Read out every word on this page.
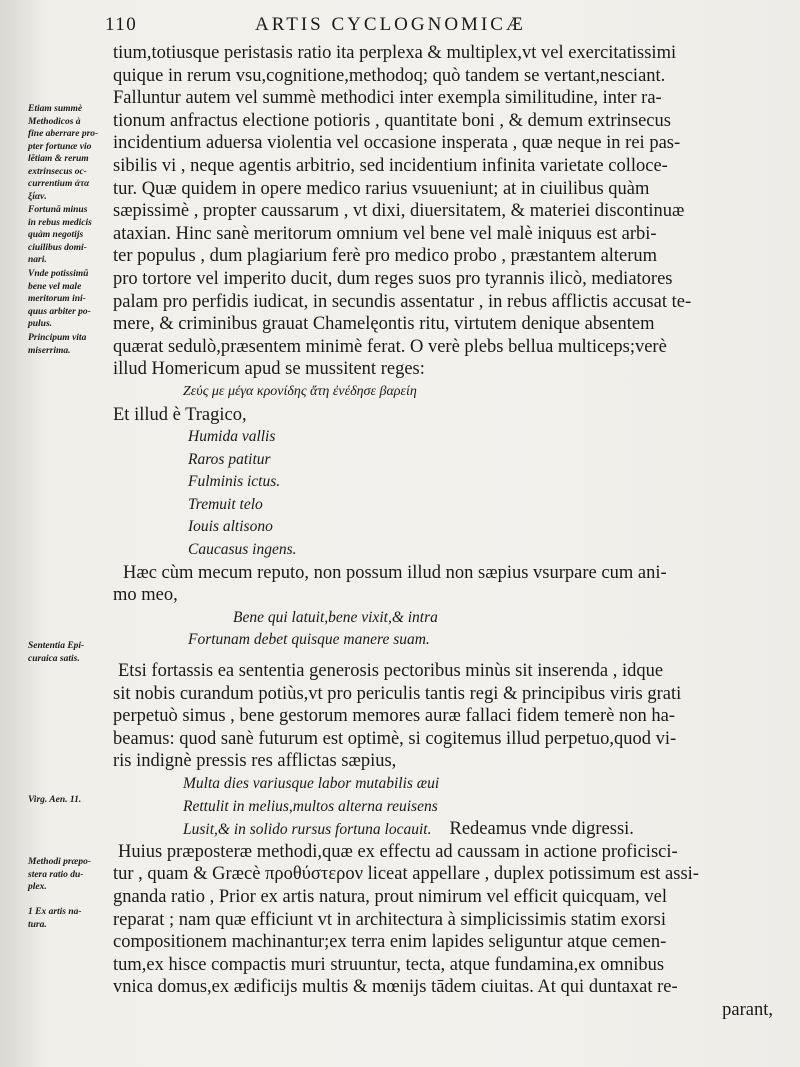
110	ARTIS CYCLOGNOMICÆ
Etiam summè
Methodicos à
fine aberrare pro-
pter fortunæ vio
lētiam & rerum
extrinsecus oc-
currentium ἀτα
ξίαν.
Fortunā minus
in rebus medicis
quàm negotijs
ciuilibus domi-
nari.
Vnde potissimū
bene vel male
meritorum ini-
quus arbiter po-
pulus.
Principum vita
miserrima.
Sententia Epi-
curaica satis.
Virg. Aen. 11.
Methodi præpo-
stera ratio du-
plex.
1 Ex artis na-
tura.
tium,totiusque peristasis ratio ita perplexa & multiplex,vt vel exercitatissimi
quique in rerum vsu,cognitione,methodoq; quò tandem se vertant,nesciant.
Falluntur autem vel summè methodici inter exempla similitudine, inter ra-
tionum anfractus electione potioris , quantitate boni , & demum extrinsecus
incidentium aduersa violentia vel occasione insperata , quæ neque in rei pas-
sibilis vi , neque agentis arbitrio, sed incidentium infinita varietate colloce-
tur. Quæ quidem in opere medico rarius vsuueniunt; at in ciuilibus quàm
sæpissimè , propter caussarum , vt dixi, diuersitatem, & materiei discontinuæ
ataxian. Hinc sanè meritorum omnium vel bene vel malè iniquus est arbi-
ter populus , dum plagiarium ferè pro medico probo , præstantem alterum
pro tortore vel imperito ducit, dum reges suos pro tyrannis ilicò, mediatores
palam pro perfidis iudicat, in secundis assentatur , in rebus afflictis accusat te-
mere, & criminibus grauat Chamelęontis ritu, virtutem denique absentem
quærat sedulò,præsentem minimè ferat. O verè plebs bellua multiceps;verè
illud Homericum apud se mussitent reges:
Ζεύς με μέγα κρονίδης ἄτη ἐνέδησε βαρείη
Et illud è Tragico,
Humida vallis
Raros patitur
Fulminis ictus.
Tremuit telo
Iouis altisono
Caucasus ingens.
Hæc cùm mecum reputo, non possum illud non sæpius vsurpare cum ani-
mo meo,
Bene qui latuit,bene vixit,& intra
Fortunam debet quisque manere suam.
Etsi fortassis ea sententia generosis pectoribus minùs sit inserenda , idque
sit nobis curandum potiùs,vt pro periculis tantis regi & principibus viris grati
perpetuò simus , bene gestorum memores auræ fallaci fidem temerè non ha-
beamus: quod sanè futurum est optimè, si cogitemus illud perpetuo,quod vi-
ris indignè pressis res afflictas sæpius,
Multa dies variusque labor mutabilis æui
Rettulit in melius,multos alterna reuisens
Lusit,& in solido rursus fortuna locauit. Redeamus vnde digressi.
Huius præposteræ methodi,quæ ex effectu ad caussam in actione proficisci-
tur , quam & Græcè προθύστερον liceat appellare , duplex potissimum est assi-
gnanda ratio , Prior ex artis natura, prout nimirum vel efficit quicquam, vel
reparat ; nam quæ efficiunt vt in architectura à simplicissimis statim exorsi
compositionem machinantur;ex terra enim lapides seliguntur atque cemen-
tum,ex hisce compactis muri struuntur, tecta, atque fundamina,ex omnibus
vnica domus,ex ædificijs multis & mœnijs tādem ciuitas. At qui duntaxat re-
parant,
